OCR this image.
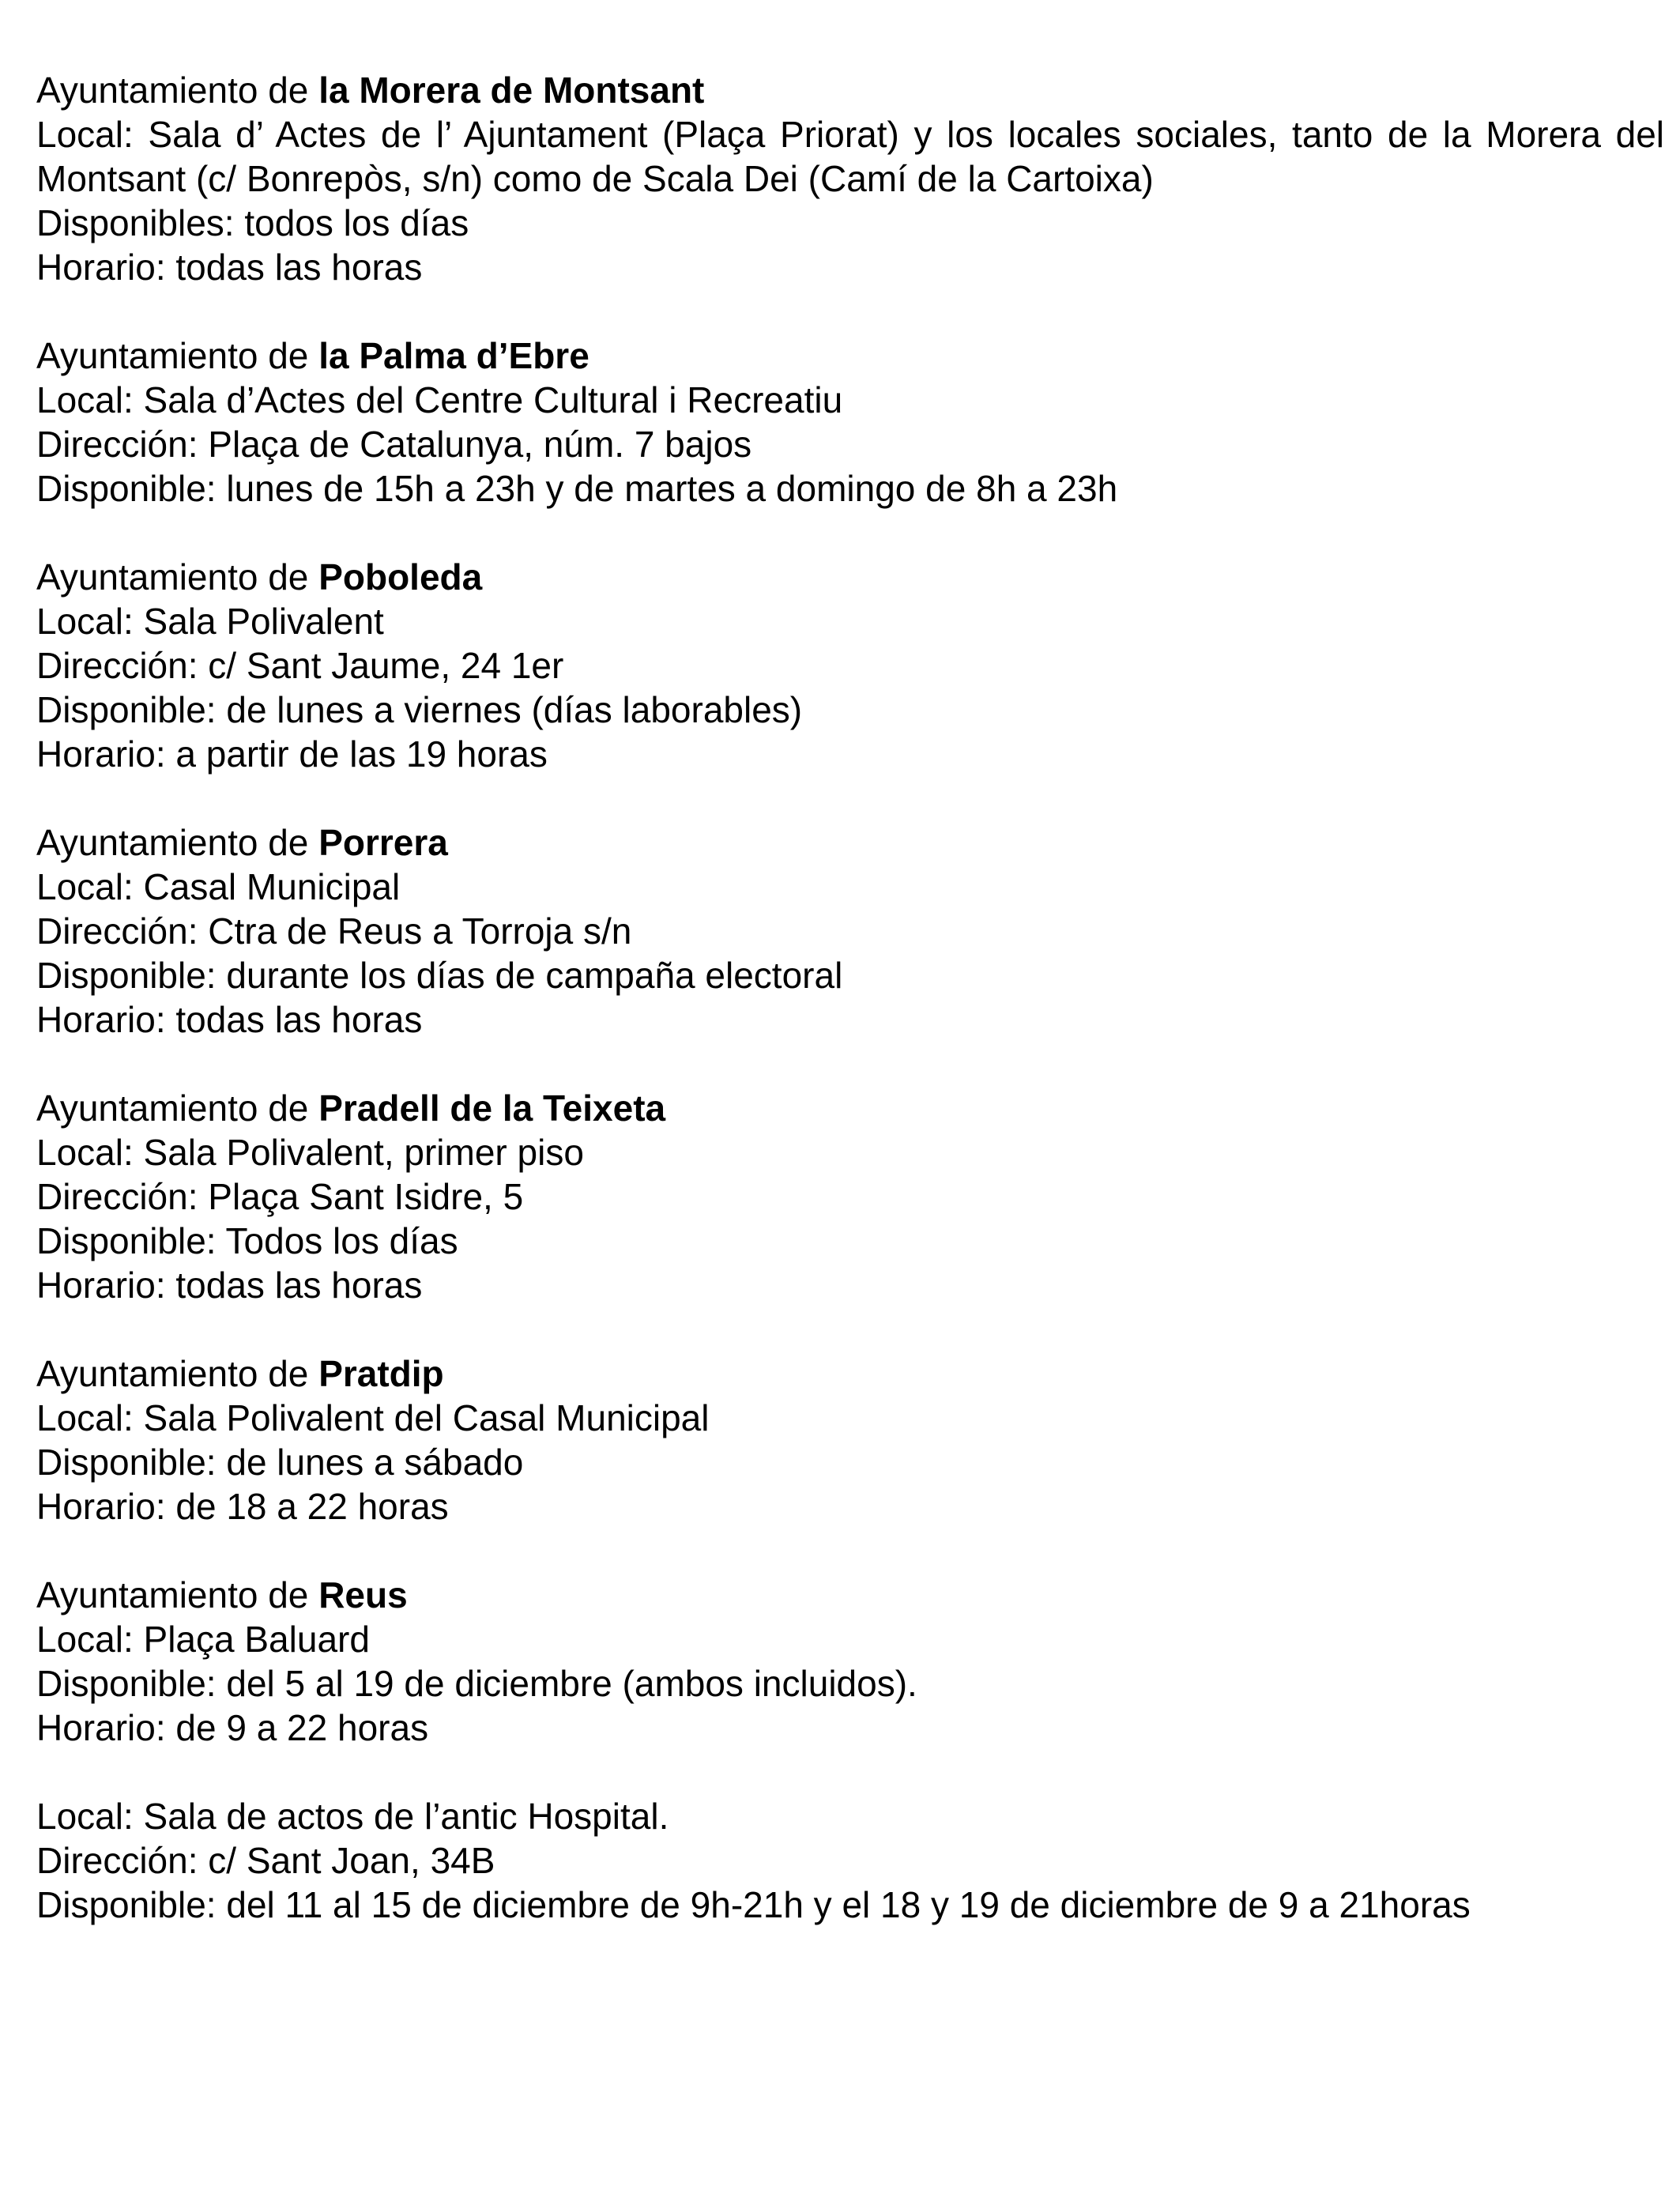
Ayuntamiento de la Morera de Montsant
Local: Sala d’ Actes de l’ Ajuntament (Plaça Priorat) y los locales sociales, tanto de la Morera del Montsant (c/ Bonrepòs, s/n) como de Scala Dei (Camí de la Cartoixa)
Disponibles: todos los días
Horario: todas las horas
Ayuntamiento de la Palma d’Ebre
Local: Sala d’Actes del Centre Cultural i Recreatiu
Dirección: Plaça de Catalunya, núm. 7 bajos
Disponible: lunes de 15h a 23h y de martes a domingo de 8h a 23h
Ayuntamiento de Poboleda
Local: Sala Polivalent
Dirección: c/ Sant Jaume, 24 1er
Disponible: de lunes a viernes (días laborables)
Horario: a partir de las 19 horas
Ayuntamiento de Porrera
Local: Casal Municipal
Dirección: Ctra de Reus a Torroja s/n
Disponible: durante los días de campaña electoral
Horario: todas las horas
Ayuntamiento de Pradell de la Teixeta
Local: Sala Polivalent, primer piso
Dirección: Plaça Sant Isidre, 5
Disponible: Todos los días
Horario: todas las horas
Ayuntamiento de Pratdip
Local: Sala Polivalent del Casal Municipal
Disponible: de lunes a sábado
Horario: de 18 a 22 horas
Ayuntamiento de Reus
Local: Plaça Baluard
Disponible: del 5 al 19 de diciembre (ambos incluidos).
Horario: de 9 a 22 horas
Local: Sala de actos de l’antic Hospital.
Dirección: c/ Sant Joan, 34B
Disponible: del 11 al 15 de diciembre de 9h-21h y el 18 y 19 de diciembre de 9 a 21horas
